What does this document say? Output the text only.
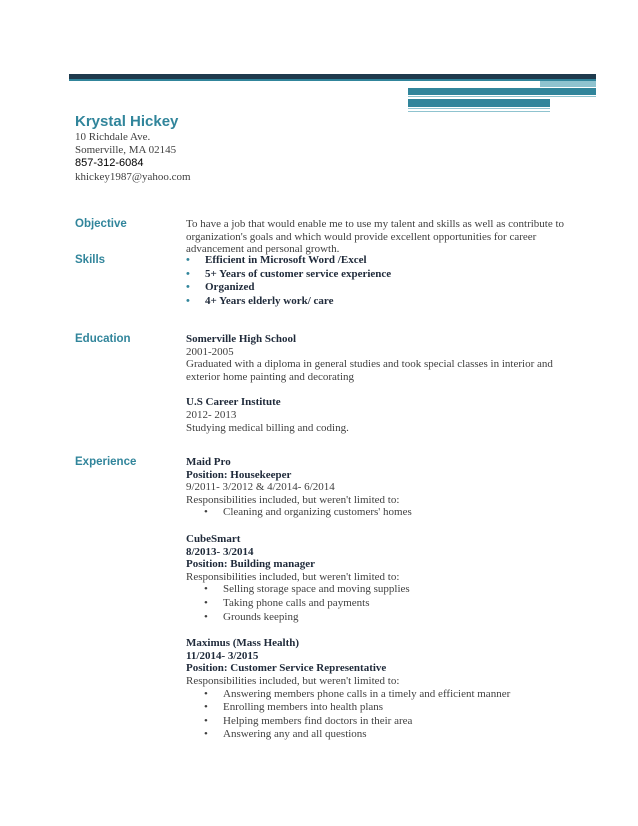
Krystal Hickey
10 Richdale Ave.
Somerville, MA 02145
857-312-6084
khickey1987@yahoo.com
Objective	To have a job that would enable me to use my talent and skills as well as contribute to organization's goals and which would provide excellent opportunities for career advancement and personal growth.
Skills	• Efficient in Microsoft Word /Excel
• 5+ Years of customer service experience
• Organized
• 4+ Years elderly work/ care
Education	Somerville High School
2001-2005
Graduated with a diploma in general studies and took special classes in interior and exterior home painting and decorating
U.S Career Institute
2012- 2013
Studying medical billing and coding.
Experience	Maid Pro
Position: Housekeeper
9/2011- 3/2012 & 4/2014- 6/2014
Responsibilities included, but weren't limited to:
• Cleaning and organizing customers' homes
CubeSmart
8/2013- 3/2014
Position: Building manager
Responsibilities included, but weren't limited to:
• Selling storage space and moving supplies
• Taking phone calls and payments
• Grounds keeping
Maximus (Mass Health)
11/2014- 3/2015
Position: Customer Service Representative
Responsibilities included, but weren't limited to:
• Answering members phone calls in a timely and efficient manner
• Enrolling members into health plans
• Helping members find doctors in their area
• Answering any and all questions
